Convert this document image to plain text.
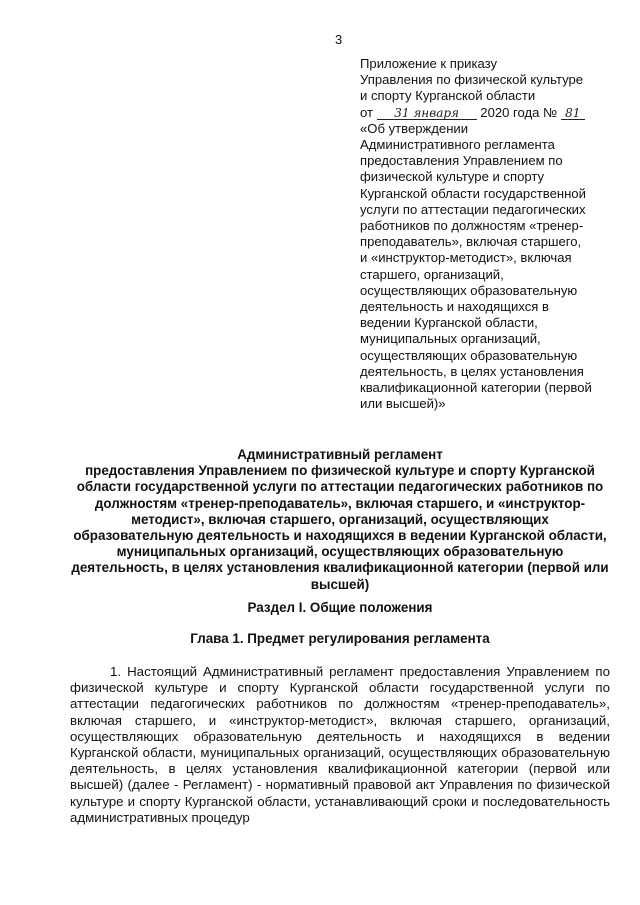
3
Приложение к приказу
Управления по физической культуре
и спорту Курганской области
от 31 января 2020 года № 81
«Об утверждении
Административного регламента
предоставления Управлением по
физической культуре и спорту
Курганской области государственной
услуги по аттестации педагогических
работников по должностям «тренер-
преподаватель», включая старшего,
и «инструктор-методист», включая
старшего, организаций,
осуществляющих образовательную
деятельность и находящихся в
ведении Курганской области,
муниципальных организаций,
осуществляющих образовательную
деятельность, в целях установления
квалификационной категории (первой
или высшей)»
Административный регламент
предоставления Управлением по физической культуре и спорту Курганской области государственной услуги по аттестации педагогических работников по должностям «тренер-преподаватель», включая старшего, и «инструктор-методист», включая старшего, организаций, осуществляющих образовательную деятельность и находящихся в ведении Курганской области, муниципальных организаций, осуществляющих образовательную деятельность, в целях установления квалификационной категории (первой или высшей)
Раздел I. Общие положения
Глава 1. Предмет регулирования регламента
1. Настоящий Административный регламент предоставления Управлением по физической культуре и спорту Курганской области государственной услуги по аттестации педагогических работников по должностям «тренер-преподаватель», включая старшего, и «инструктор-методист», включая старшего, организаций, осуществляющих образовательную деятельность и находящихся в ведении Курганской области, муниципальных организаций, осуществляющих образовательную деятельность, в целях установления квалификационной категории (первой или высшей) (далее - Регламент) - нормативный правовой акт Управления по физической культуре и спорту Курганской области, устанавливающий сроки и последовательность административных процедур
